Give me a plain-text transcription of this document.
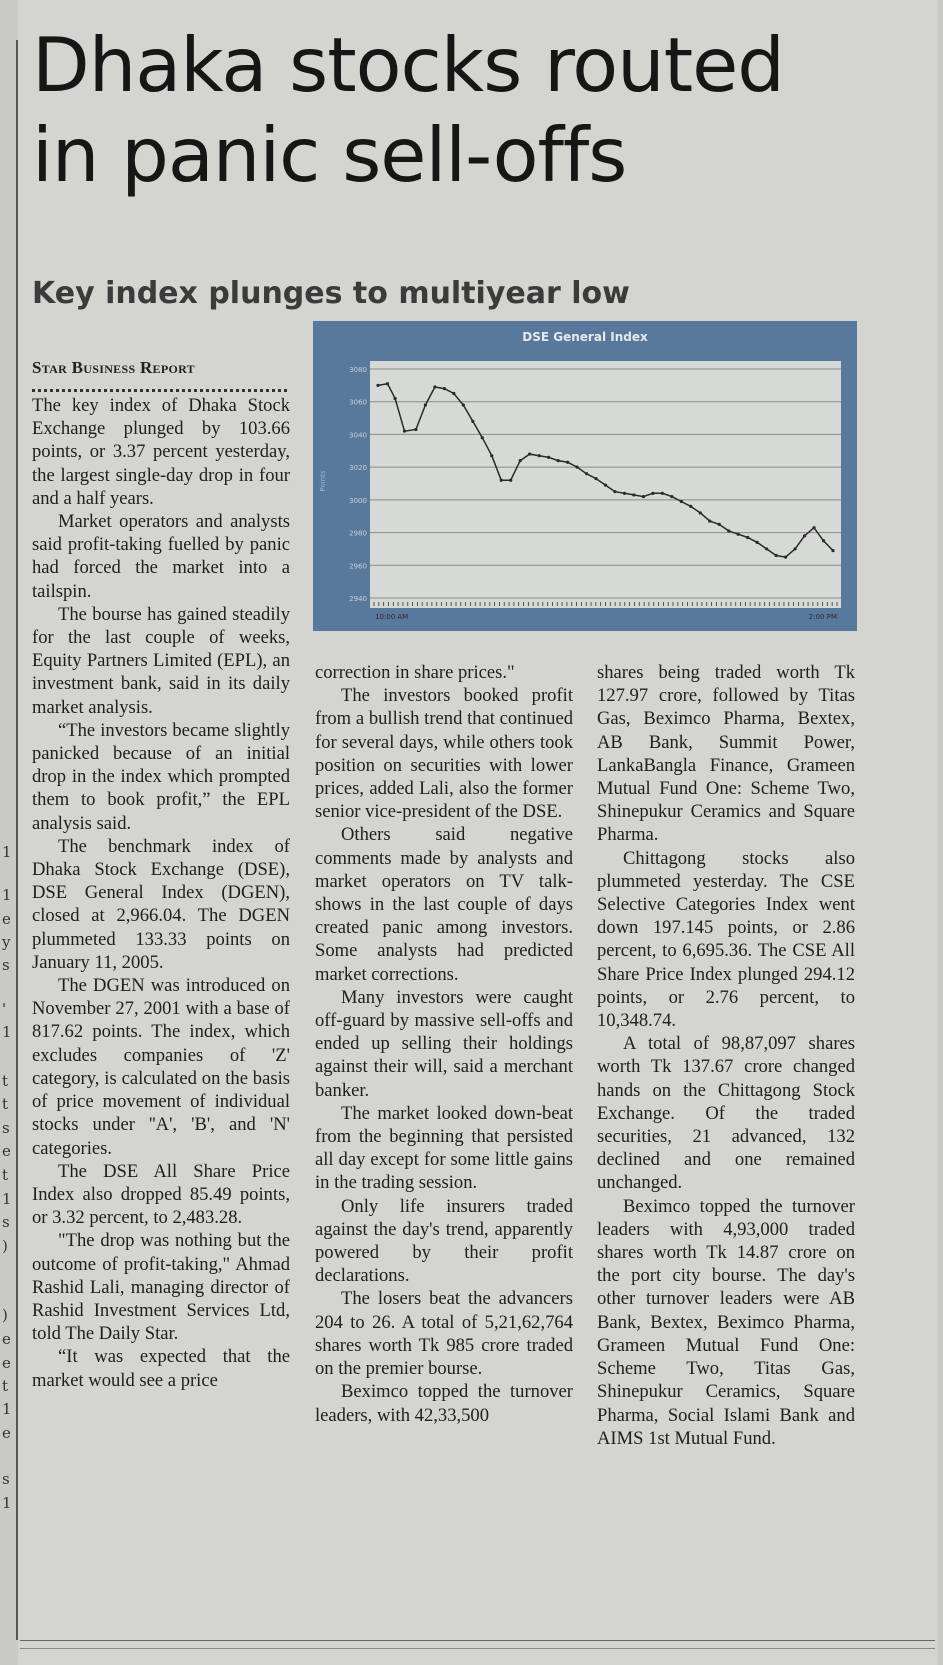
1
1
e
y
s
'
1
t
t
s
e
t
1
s
)
)
e
e
t
1
e
s
1
Dhaka stocks routed
in panic sell-offs
Key index plunges to multiyear low
Star Business Report

The key index of Dhaka Stock Exchange plunged by 103.66 points, or 3.37 percent yesterday, the largest single-day drop in four and a half years.

Market operators and analysts said profit-taking fuelled by panic had forced the market into a tailspin.

The bourse has gained steadily for the last couple of weeks, Equity Partners Limited (EPL), an investment bank, said in its daily market analysis.

“The investors became slightly panicked because of an initial drop in the index which prompted them to book profit,” the EPL analysis said.

The benchmark index of Dhaka Stock Exchange (DSE), DSE General Index (DGEN), closed at 2,966.04. The DGEN plummeted 133.33 points on January 11, 2005.

The DGEN was introduced on November 27, 2001 with a base of 817.62 points. The index, which excludes companies of 'Z' category, is calculated on the basis of price movement of individual stocks under ''A', 'B', and 'N' categories.

The DSE All Share Price Index also dropped 85.49 points, or 3.32 percent, to 2,483.28.

"The drop was nothing but the outcome of profit-taking," Ahmad Rashid Lali, managing director of Rashid Investment Services Ltd, told The Daily Star.

“It was expected that the market would see a price

DSE General Index
Points
3080
3060
3040
3020
3000
2980
2960
2940
10:00 AM	2:00 PM

correction in share prices."

The investors booked profit from a bullish trend that continued for several days, while others took position on securities with lower prices, added Lali, also the former senior vice-president of the DSE.

Others said negative comments made by analysts and market operators on TV talk-shows in the last couple of days created panic among investors. Some analysts had predicted market corrections.

Many investors were caught off-guard by massive sell-offs and ended up selling their holdings against their will, said a merchant banker.

The market looked down-beat from the beginning that persisted all day except for some little gains in the trading session.

Only life insurers traded against the day's trend, apparently powered by their profit declarations.

The losers beat the advancers 204 to 26. A total of 5,21,62,764 shares worth Tk 985 crore traded on the premier bourse.

Beximco topped the turnover leaders, with 42,33,500

shares being traded worth Tk 127.97 crore, followed by Titas Gas, Beximco Pharma, Bextex, AB Bank, Summit Power, LankaBangla Finance, Grameen Mutual Fund One: Scheme Two, Shinepukur Ceramics and Square Pharma.

Chittagong stocks also plummeted yesterday. The CSE Selective Categories Index went down 197.145 points, or 2.86 percent, to 6,695.36. The CSE All Share Price Index plunged 294.12 points, or 2.76 percent, to 10,348.74.

A total of 98,87,097 shares worth Tk 137.67 crore changed hands on the Chittagong Stock Exchange. Of the traded securities, 21 advanced, 132 declined and one remained unchanged.

Beximco topped the turnover leaders with 4,93,000 traded shares worth Tk 14.87 crore on the port city bourse. The day's other turnover leaders were AB Bank, Bextex, Beximco Pharma, Grameen Mutual Fund One: Scheme Two, Titas Gas, Shinepukur Ceramics, Square Pharma, Social Islami Bank and AIMS 1st Mutual Fund.
